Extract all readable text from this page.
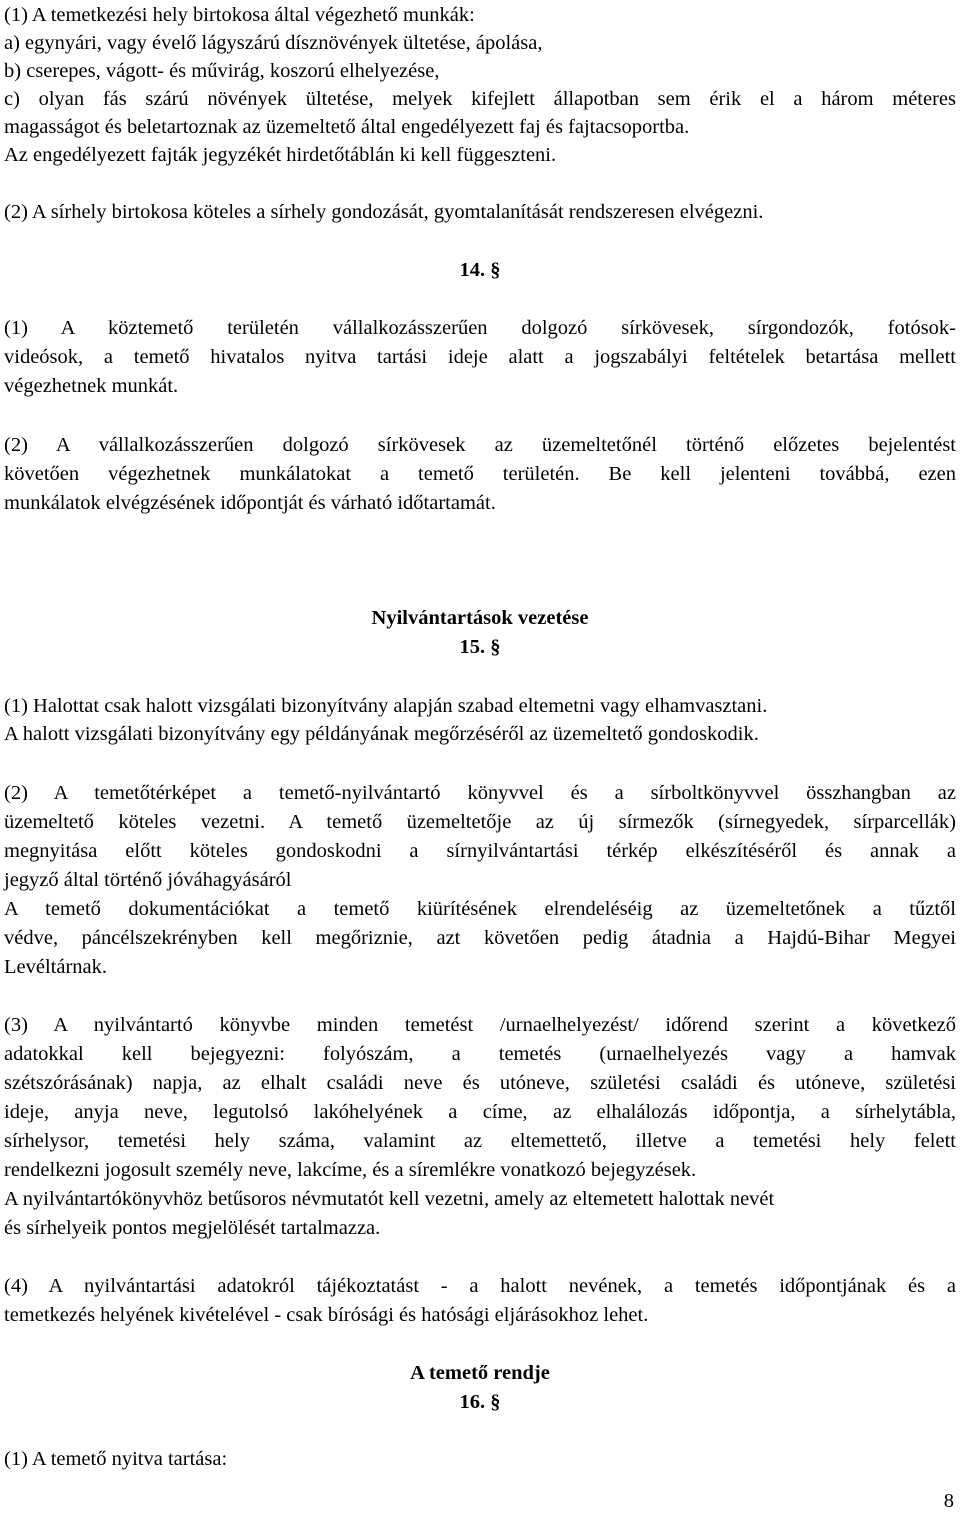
(1) A temetkezési hely birtokosa által végezhető munkák:
a) egynyári, vagy évelő lágyszárú dísznövények ültetése, ápolása,
b) cserepes, vágott- és művirág, koszorú elhelyezése,
c) olyan fás szárú növények ültetése, melyek kifejlett állapotban sem érik el a három méteres
magasságot és beletartoznak az üzemeltető által engedélyezett faj és fajtacsoportba.
Az engedélyezett fajták jegyzékét hirdetőtáblán ki kell függeszteni.
(2) A sírhely birtokosa köteles a sírhely gondozását, gyomtalanítását rendszeresen elvégezni.
14. §
(1) A köztemető területén vállalkozásszerűen dolgozó sírkövesek, sírgondozók, fotósok-
videósok, a temető hivatalos nyitva tartási ideje alatt a jogszabályi feltételek betartása mellett
végezhetnek munkát.
(2) A vállalkozásszerűen dolgozó sírkövesek az üzemeltetőnél történő előzetes bejelentést
követően végezhetnek munkálatokat a temető területén. Be kell jelenteni továbbá, ezen
munkálatok elvégzésének időpontját és várható időtartamát.
Nyilvántartások vezetése
15. §
(1) Halottat csak halott vizsgálati bizonyítvány alapján szabad eltemetni vagy elhamvasztani.
A halott vizsgálati bizonyítvány egy példányának megőrzéséről az üzemeltető gondoskodik.
(2) A temetőtérképet a temető-nyilvántartó könyvvel és a sírboltkönyvvel összhangban az
üzemeltető köteles vezetni. A temető üzemeltetője az új sírmezők (sírnegyedek, sírparcellák)
megnyitása előtt köteles gondoskodni a sírnyilvántartási térkép elkészítéséről és annak a
jegyző által történő jóváhagyásáról
A temető dokumentációkat a temető kiürítésének elrendeléséig az üzemeltetőnek a tűztől
védve, páncélszekrényben kell megőriznie, azt követően pedig átadnia a Hajdú-Bihar Megyei
Levéltárnak.
(3) A nyilvántartó könyvbe minden temetést /urnaelhelyezést/ időrend szerint a következő
adatokkal kell bejegyezni: folyószám, a temetés (urnaelhelyezés vagy a hamvak
szétszórásának) napja, az elhalt családi neve és utóneve, születési családi és utóneve, születési
ideje, anyja neve, legutolsó lakóhelyének a címe, az elhalálozás időpontja, a sírhelytábla,
sírhelysor, temetési hely száma, valamint az eltemettető, illetve a temetési hely felett
rendelkezni jogosult személy neve, lakcíme, és a síremlékre vonatkozó bejegyzések.
A nyilvántartókönyvhöz betűsoros névmutatót kell vezetni, amely az eltemetett halottak nevét
és sírhelyeik pontos megjelölését tartalmazza.
(4) A nyilvántartási adatokról tájékoztatást - a halott nevének, a temetés időpontjának és a
temetkezés helyének kivételével - csak bírósági és hatósági eljárásokhoz lehet.
A temető rendje
16. §
(1) A temető nyitva tartása:
8
